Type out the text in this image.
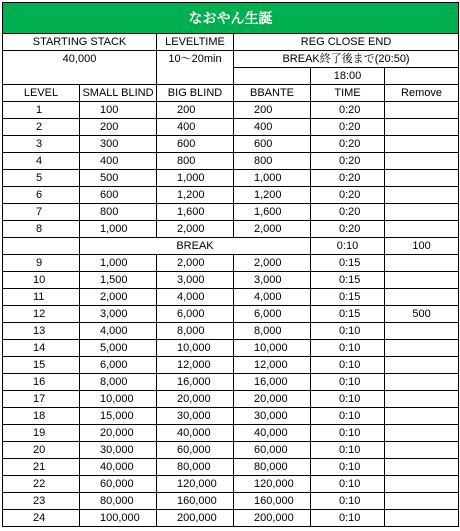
なおやん生誕					
STARTING STACK		LEVELTIME	REG CLOSE END		
40,000		10〜20min	BREAK終了後まで(20:50)		
				18:00	
LEVEL	SMALL BLIND	BIG BLIND	BBANTE	TIME	Remove
1	100	200	200	0:20	
2	200	400	400	0:20	
3	300	600	600	0:20	
4	400	800	800	0:20	
5	500	1,000	1,000	0:20	
6	600	1,200	1,200	0:20	
7	800	1,600	1,600	0:20	
8	1,000	2,000	2,000	0:20	
	BREAK			0:10	100
9	1,000	2,000	2,000	0:15	
10	1,500	3,000	3,000	0:15	
11	2,000	4,000	4,000	0:15	
12	3,000	6,000	6,000	0:15	500
13	4,000	8,000	8,000	0:10	
14	5,000	10,000	10,000	0:10	
15	6,000	12,000	12,000	0:10	
16	8,000	16,000	16,000	0:10	
17	10,000	20,000	20,000	0:10	
18	15,000	30,000	30,000	0:10	
19	20,000	40,000	40,000	0:10	
20	30,000	60,000	60,000	0:10	
21	40,000	80,000	80,000	0:10	
22	60,000	120,000	120,000	0:10	
23	80,000	160,000	160,000	0:10	
24	100,000	200,000	200,000	0:10	
